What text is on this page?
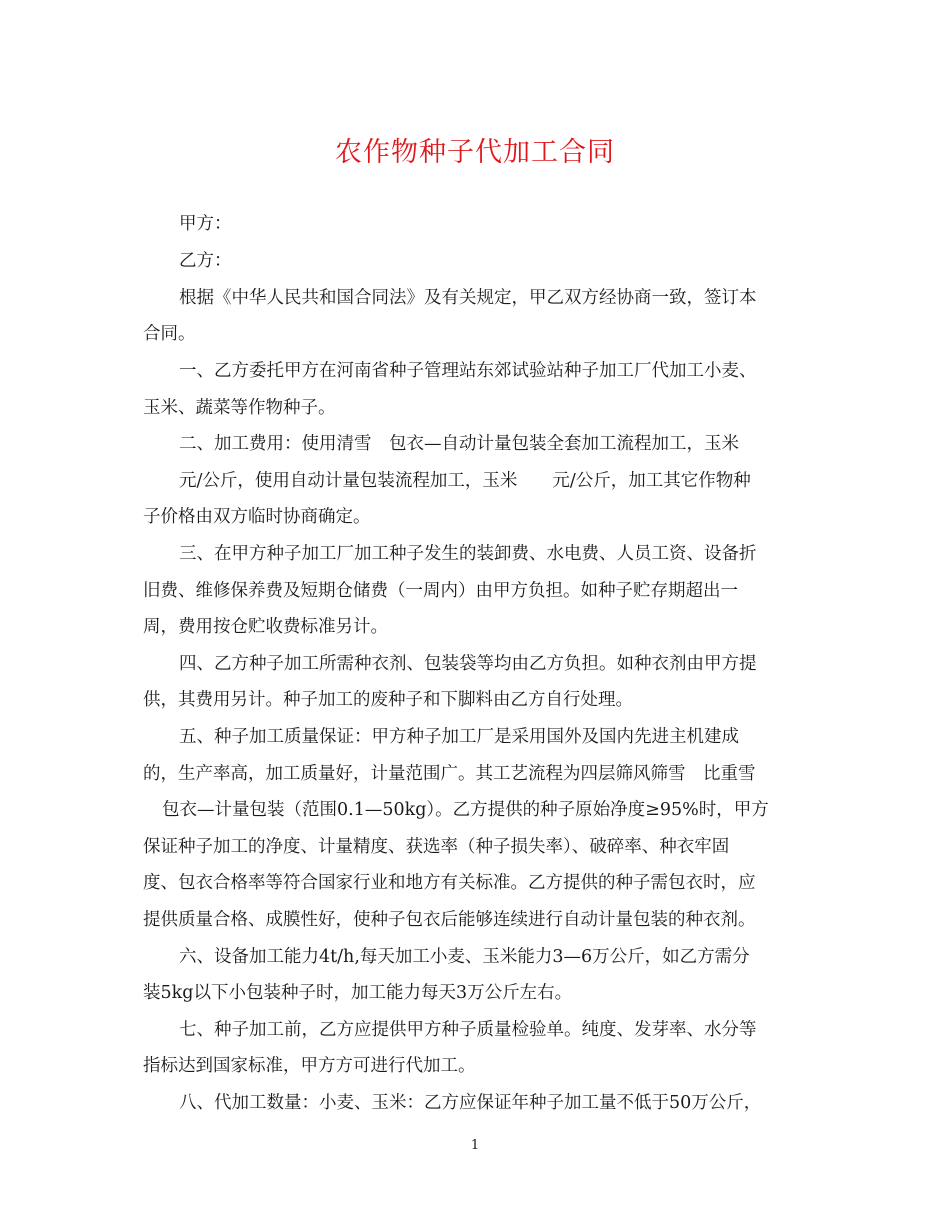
农作物种子代加工合同
甲方：
乙方：
根据《中华人民共和国合同法》及有关规定，甲乙双方经协商一致，签订本
合同。
一、乙方委托甲方在河南省种子管理站东郊试验站种子加工厂代加工小麦、
玉米、蔬菜等作物种子。
二、加工费用：使用清雪　包衣—自动计量包装全套加工流程加工，玉米
元/公斤，使用自动计量包装流程加工，玉米　　元/公斤，加工其它作物种
子价格由双方临时协商确定。
三、在甲方种子加工厂加工种子发生的装卸费、水电费、人员工资、设备折
旧费、维修保养费及短期仓储费（一周内）由甲方负担。如种子贮存期超出一
周，费用按仓贮收费标准另计。
四、乙方种子加工所需种衣剂、包装袋等均由乙方负担。如种衣剂由甲方提
供，其费用另计。种子加工的废种子和下脚料由乙方自行处理。
五、种子加工质量保证：甲方种子加工厂是采用国外及国内先进主机建成
的，生产率高，加工质量好，计量范围广。其工艺流程为四层筛风筛雪　比重雪
包衣—计量包装（范围0.1—50kg）。乙方提供的种子原始净度≥95%时，甲方
保证种子加工的净度、计量精度、获选率（种子损失率）、破碎率、种衣牢固
度、包衣合格率等符合国家行业和地方有关标准。乙方提供的种子需包衣时，应
提供质量合格、成膜性好，使种子包衣后能够连续进行自动计量包装的种衣剂。
六、设备加工能力4t/h,每天加工小麦、玉米能力3—6万公斤，如乙方需分
装5kg以下小包装种子时，加工能力每天3万公斤左右。
七、种子加工前，乙方应提供甲方种子质量检验单。纯度、发芽率、水分等
指标达到国家标准，甲方方可进行代加工。
八、代加工数量：小麦、玉米：乙方应保证年种子加工量不低于50万公斤，
1
